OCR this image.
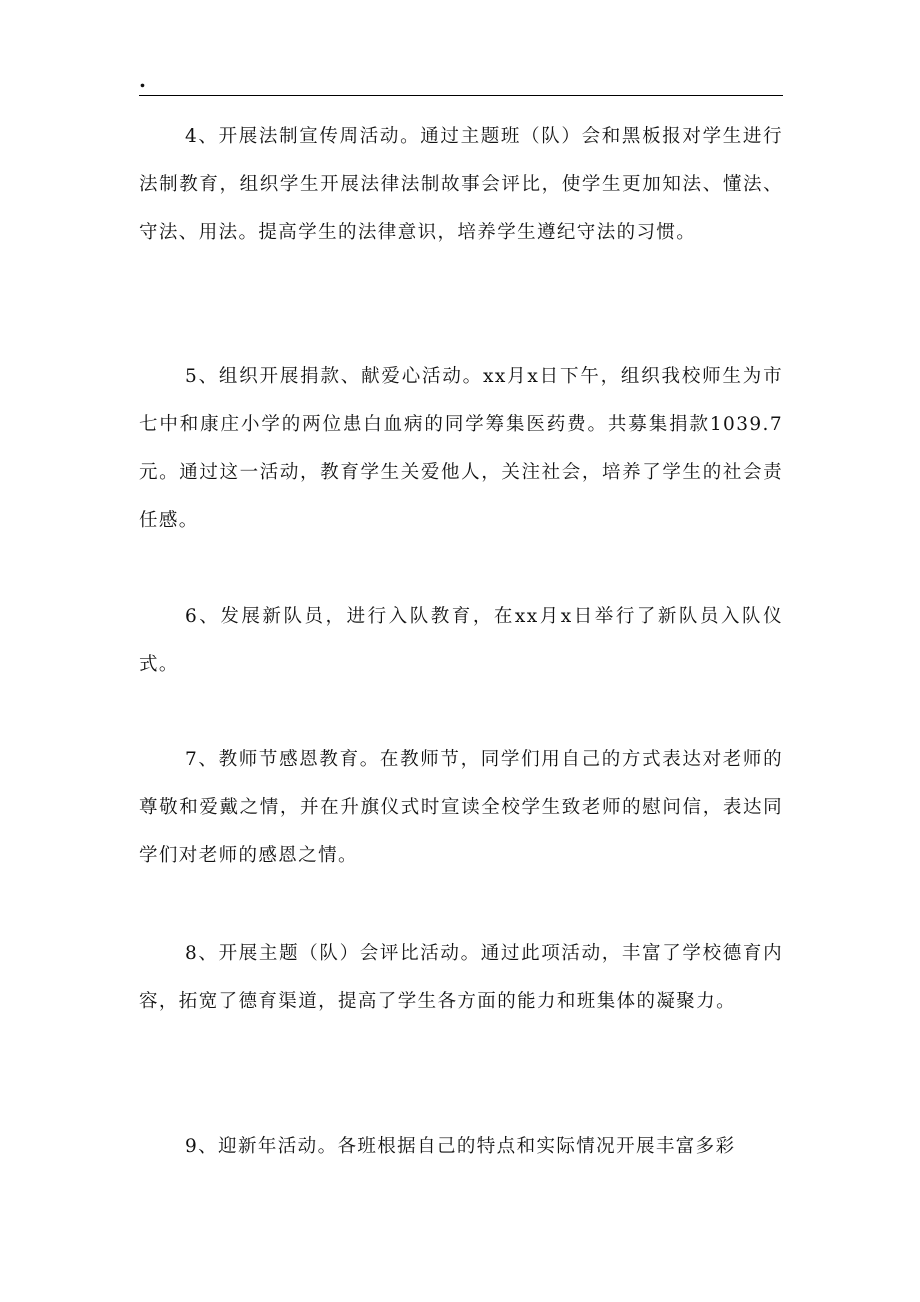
.

4、开展法制宣传周活动。通过主题班（队）会和黑板报对学生进行法制教育，组织学生开展法律法制故事会评比，使学生更加知法、懂法、守法、用法。提高学生的法律意识，培养学生遵纪守法的习惯。

5、组织开展捐款、献爱心活动。xx月x日下午，组织我校师生为市七中和康庄小学的两位患白血病的同学筹集医药费。共募集捐款1039.7元。通过这一活动，教育学生关爱他人，关注社会，培养了学生的社会责任感。

6、发展新队员，进行入队教育，在xx月x日举行了新队员入队仪式。

7、教师节感恩教育。在教师节，同学们用自己的方式表达对老师的尊敬和爱戴之情，并在升旗仪式时宣读全校学生致老师的慰问信，表达同学们对老师的感恩之情。

8、开展主题（队）会评比活动。通过此项活动，丰富了学校德育内容，拓宽了德育渠道，提高了学生各方面的能力和班集体的凝聚力。

9、迎新年活动。各班根据自己的特点和实际情况开展丰富多彩
